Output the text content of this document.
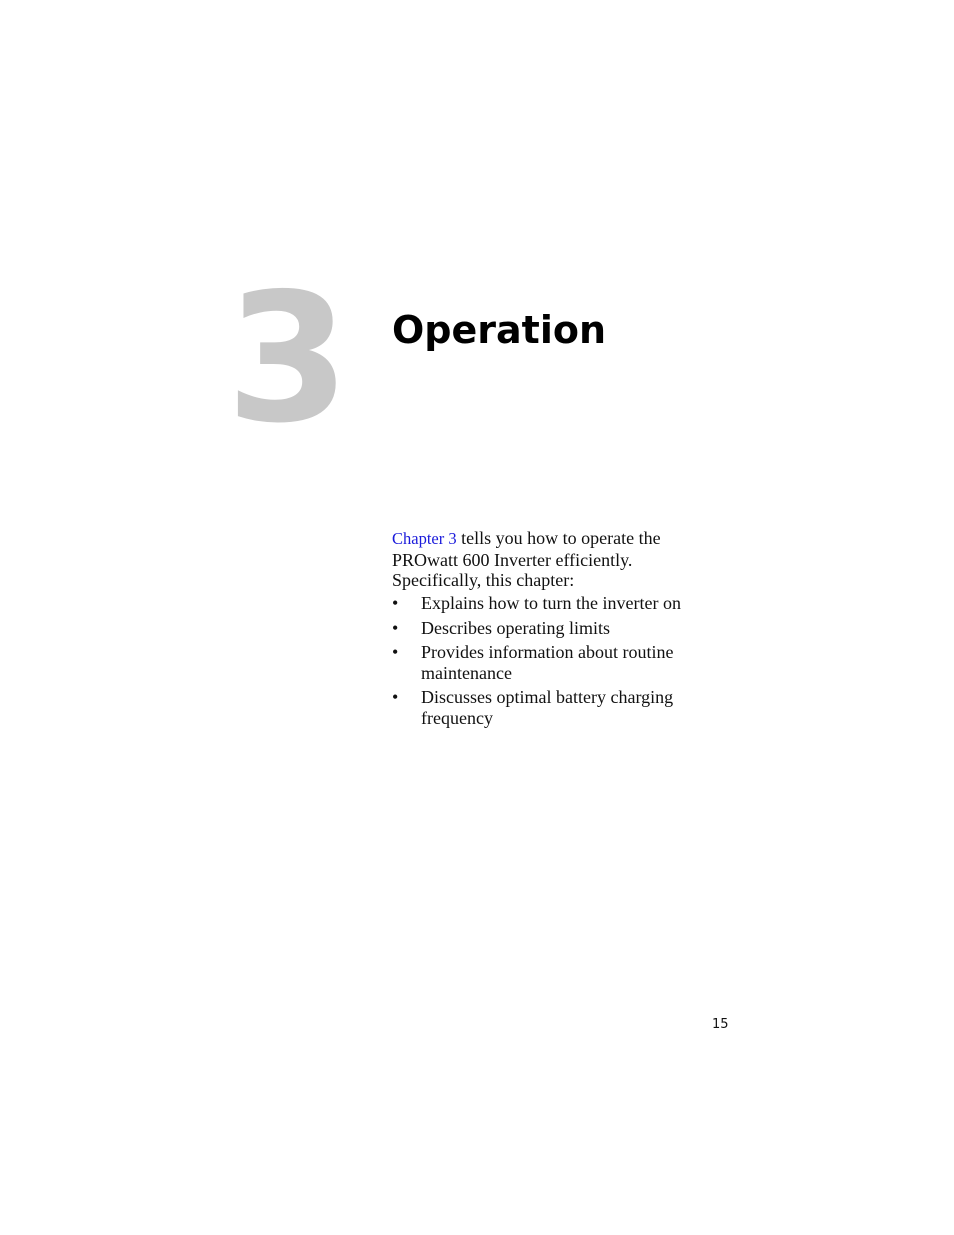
3 Operation

Chapter 3 tells you how to operate the PROwatt 600 Inverter efficiently. Specifically, this chapter:

• Explains how to turn the inverter on
• Describes operating limits
• Provides information about routine maintenance
• Discusses optimal battery charging frequency
15
